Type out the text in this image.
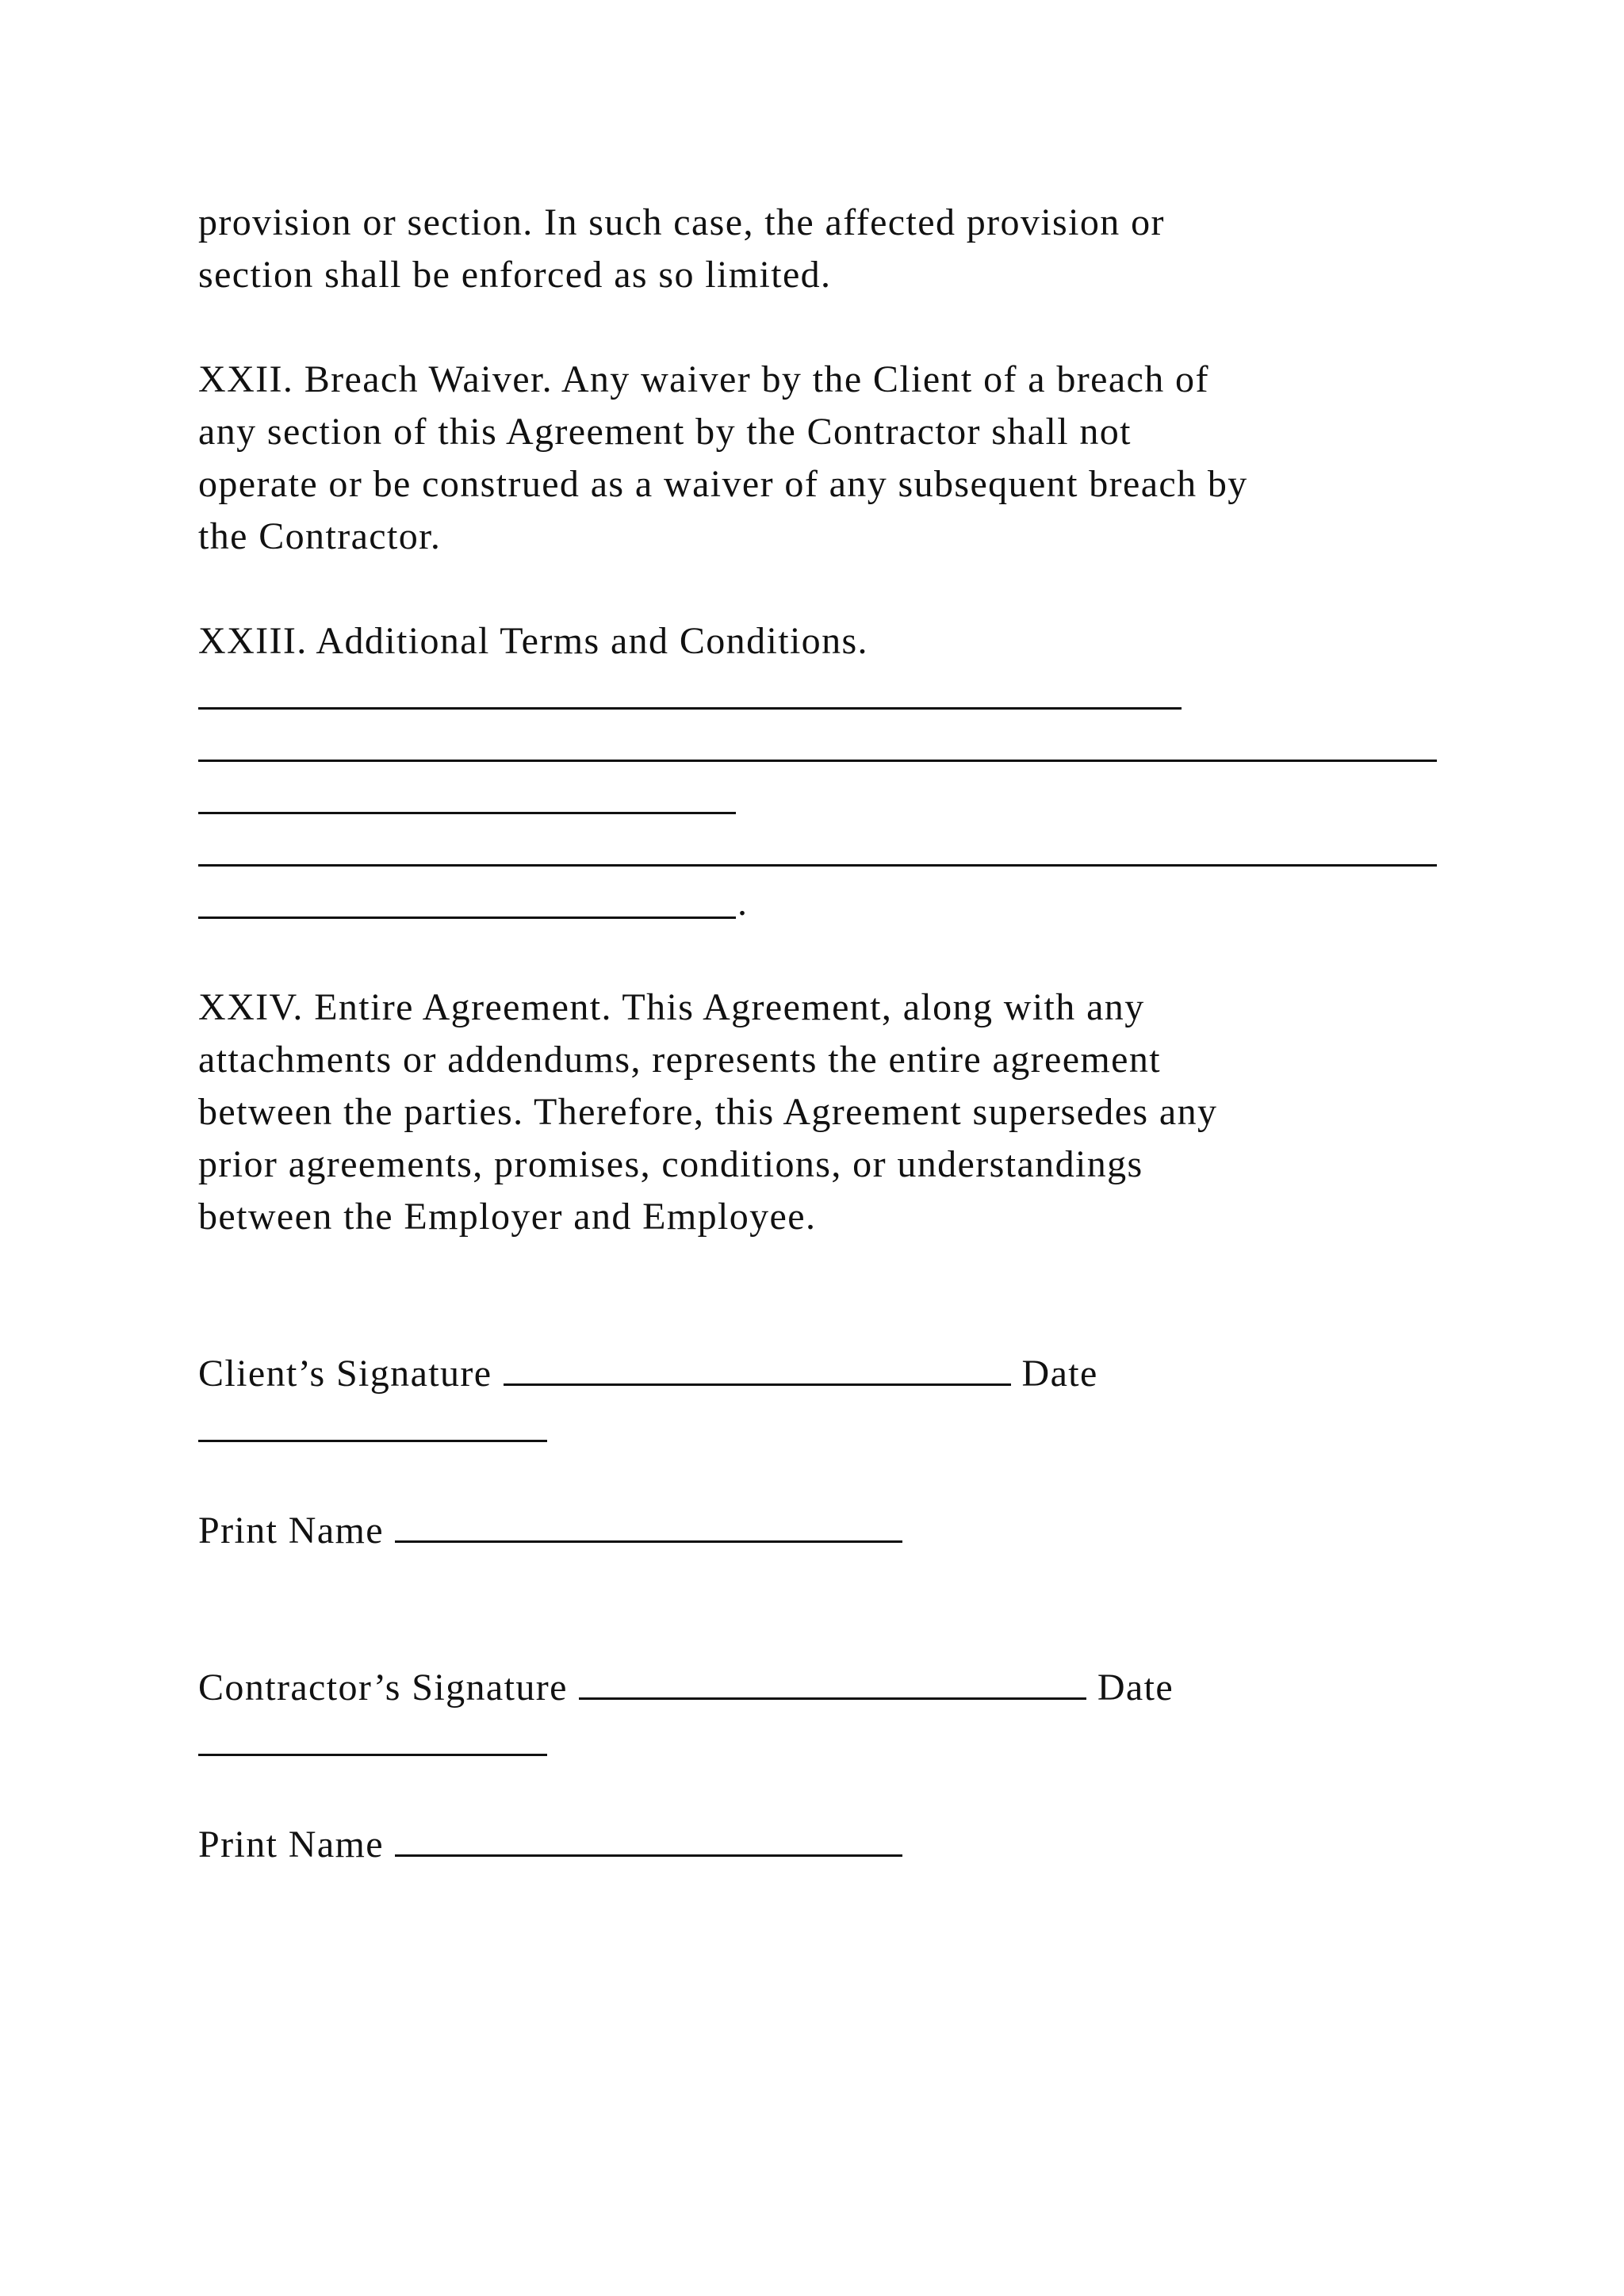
provision or section. In such case, the affected provision or
section shall be enforced as so limited.
XXII. Breach Waiver. Any waiver by the Client of a breach of
any section of this Agreement by the Contractor shall not
operate or be construed as a waiver of any subsequent breach by
the Contractor.
XXIII. Additional Terms and Conditions.
.
XXIV. Entire Agreement. This Agreement, along with any
attachments or addendums, represents the entire agreement
between the parties. Therefore, this Agreement supersedes any
prior agreements, promises, conditions, or understandings
between the Employer and Employee.
Client’s Signature	Date
Print Name
Contractor’s Signature	Date
Print Name
